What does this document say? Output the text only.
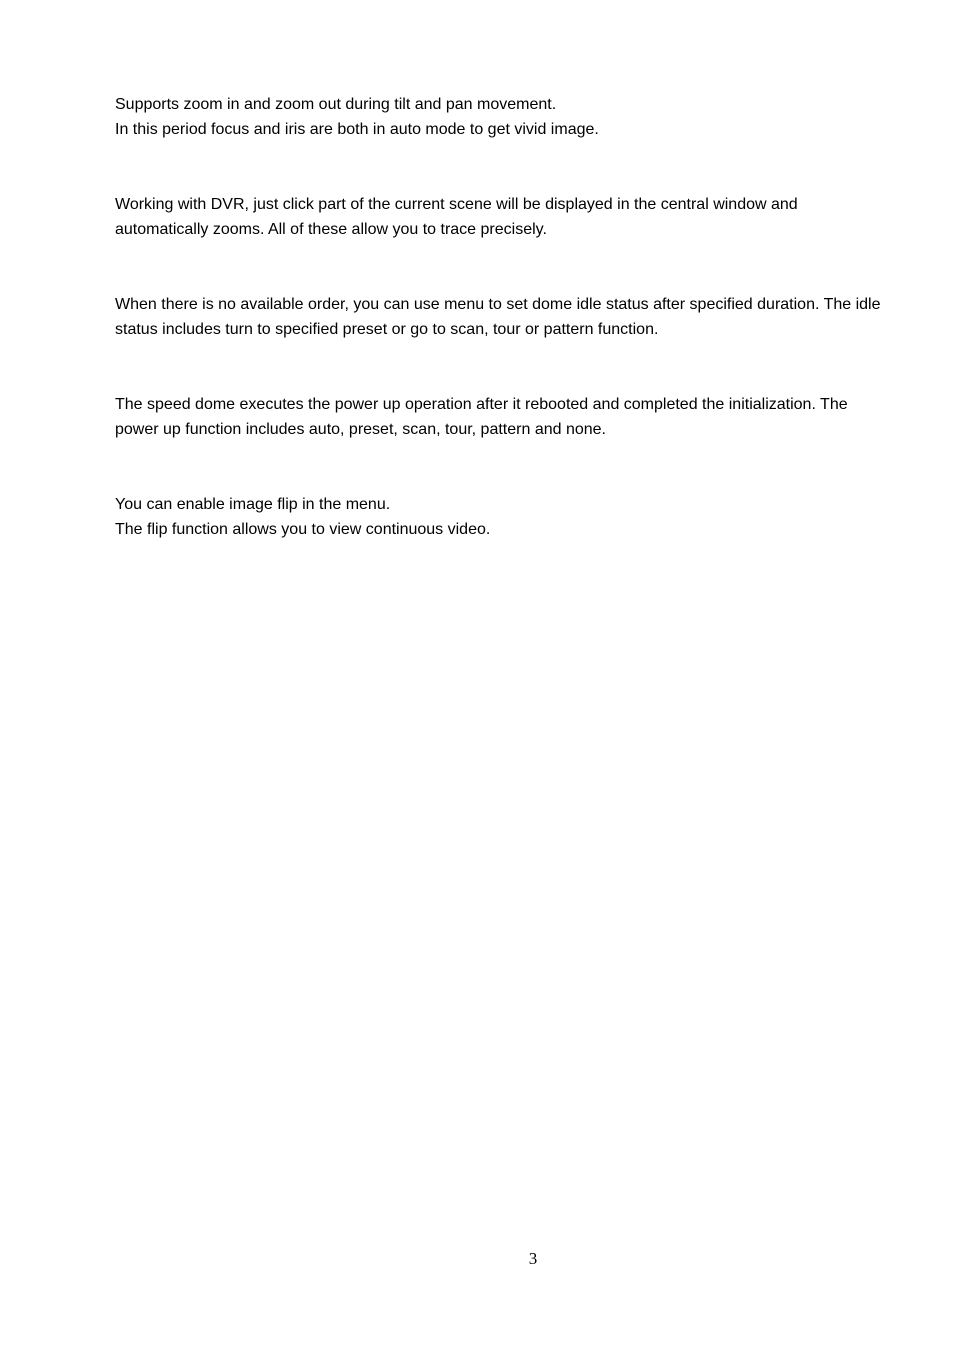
Supports zoom in and zoom out during tilt and pan movement.
In this period focus and iris are both in auto mode to get vivid image.

Working with DVR, just click part of the current scene will be displayed in the central window and
automatically zooms. All of these allow you to trace precisely.

When there is no available order, you can use menu to set dome idle status after specified duration. The idle
status includes turn to specified preset or go to scan, tour or pattern function.

The speed dome executes the power up operation after it rebooted and completed the initialization. The
power up function includes auto, preset, scan, tour, pattern and none.

You can enable image flip in the menu.
The flip function allows you to view continuous video.

3
